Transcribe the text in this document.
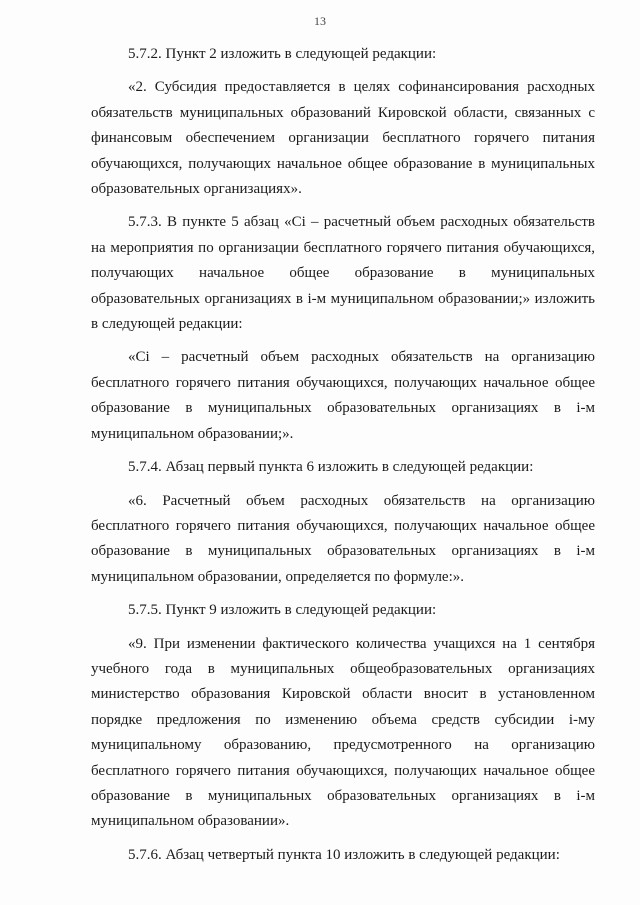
13

5.7.2. Пункт 2 изложить в следующей редакции:

«2. Субсидия предоставляется в целях софинансирования расходных обязательств муниципальных образований Кировской области, связанных с финансовым обеспечением организации бесплатного горячего питания обучающихся, получающих начальное общее образование в муниципальных образовательных организациях».

5.7.3. В пункте 5 абзац «Ci – расчетный объем расходных обязательств на мероприятия по организации бесплатного горячего питания обучающихся, получающих начальное общее образование в муниципальных образовательных организациях в i-м муниципальном образовании;» изложить в следующей редакции:

«Ci – расчетный объем расходных обязательств на организацию бесплатного горячего питания обучающихся, получающих начальное общее образование в муниципальных образовательных организациях в i-м муниципальном образовании;».

5.7.4. Абзац первый пункта 6 изложить в следующей редакции:

«6. Расчетный объем расходных обязательств на организацию бесплатного горячего питания обучающихся, получающих начальное общее образование в муниципальных образовательных организациях в i-м муниципальном образовании, определяется по формуле:».

5.7.5. Пункт 9 изложить в следующей редакции:

«9. При изменении фактического количества учащихся на 1 сентября учебного года в муниципальных общеобразовательных организациях министерство образования Кировской области вносит в установленном порядке предложения по изменению объема средств субсидии i-му муниципальному образованию, предусмотренного на организацию бесплатного горячего питания обучающихся, получающих начальное общее образование в муниципальных образовательных организациях в i-м муниципальном образовании».

5.7.6. Абзац четвертый пункта 10 изложить в следующей редакции:
